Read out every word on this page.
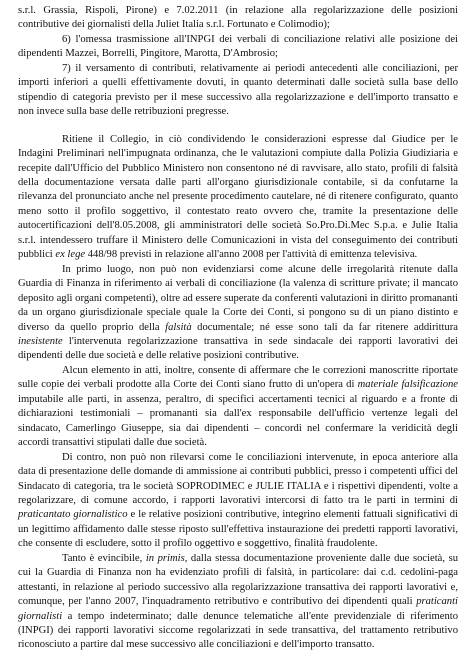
s.r.l. Grassia, Rispoli, Pirone) e 7.02.2011 (in relazione alla regolarizzazione delle posizioni contributive dei giornalisti della Juliet Italia s.r.l. Fortunato e Colimodio);

6) l'omessa trasmissione all'INPGI dei verbali di conciliazione relativi alle posizione dei dipendenti Mazzei, Borrelli, Pingitore, Marotta, D'Ambrosio;

7) il versamento di contributi, relativamente ai periodi antecedenti alle conciliazioni, per importi inferiori a quelli effettivamente dovuti, in quanto determinati dalle società sulla base dello stipendio di categoria previsto per il mese successivo alla regolarizzazione e dell'importo transatto e non invece sulla base delle retribuzioni pregresse.

Ritiene il Collegio, in ciò condividendo le considerazioni espresse dal Giudice per le Indagini Preliminari nell'impugnata ordinanza, che le valutazioni compiute dalla Polizia Giudiziaria e recepite dall'Ufficio del Pubblico Ministero non consentono né di ravvisare, allo stato, profili di falsità della documentazione versata dalle parti all'organo giurisdizionale contabile, sì da confutarne la rilevanza del pronunciato anche nel presente procedimento cautelare, né di ritenere configurato, quanto meno sotto il profilo soggettivo, il contestato reato ovvero che, tramite la presentazione delle autocertificazioni dell'8.05.2008, gli amministratori delle società So.Pro.Di.Mec S.p.a. e Julie Italia s.r.l. intendessero truffare il Ministero delle Comunicazioni in vista del conseguimento dei contributi pubblici ex lege 448/98 previsti in relazione all'anno 2008 per l'attività di emittenza televisiva.

In primo luogo, non può non evidenziarsi come alcune delle irregolarità ritenute dalla Guardia di Finanza in riferimento ai verbali di conciliazione (la valenza di scritture private; il mancato deposito agli organi competenti), oltre ad essere superate da conferenti valutazioni in diritto promananti da un organo giurisdizionale speciale quale la Corte dei Conti, si pongono su di un piano distinto e diverso da quello proprio della falsità documentale; né esse sono tali da far ritenere addirittura inesistente l'intervenuta regolarizzazione transattiva in sede sindacale dei rapporti lavorativi dei dipendenti delle due società e delle relative posizioni contributive.

Alcun elemento in atti, inoltre, consente di affermare che le correzioni manoscritte riportate sulle copie dei verbali prodotte alla Corte dei Conti siano frutto di un'opera di materiale falsificazione imputabile alle parti, in assenza, peraltro, di specifici accertamenti tecnici al riguardo e a fronte di dichiarazioni testimoniali – promananti sia dall'ex responsabile dell'ufficio vertenze legali del sindacato, Camerlingo Giuseppe, sia dai dipendenti – concordi nel confermare la veridicità degli accordi transattivi stipulati dalle due società.

Di contro, non può non rilevarsi come le conciliazioni intervenute, in epoca anteriore alla data di presentazione delle domande di ammissione ai contributi pubblici, presso i competenti uffici del Sindacato di categoria, tra le società SOPRODIMEC e JULIE ITALIA e i rispettivi dipendenti, volte a regolarizzare, di comune accordo, i rapporti lavorativi intercorsi di fatto tra le parti in termini di praticantato giornalistico e le relative posizioni contributive, integrino elementi fattuali significativi di un legittimo affidamento dalle stesse riposto sull'effettiva instaurazione dei predetti rapporti lavorativi, che consente di escludere, sotto il profilo oggettivo e soggettivo, finalità fraudolente.

Tanto è evincibile, in primis, dalla stessa documentazione proveniente dalle due società, su cui la Guardia di Finanza non ha evidenziato profili di falsità, in particolare: dai c.d. cedolini-paga attestanti, in relazione al periodo successivo alla regolarizzazione transattiva dei rapporti lavorativi e, comunque, per l'anno 2007, l'inquadramento retributivo e contributivo dei dipendenti quali praticanti giornalisti a tempo indeterminato; dalle denunce telematiche all'ente previdenziale di riferimento (INPGI) dei rapporti lavorativi siccome regolarizzati in sede transattiva, del trattamento retributivo riconosciuto a partire dal mese successivo alle conciliazioni e dell'importo transatto.
